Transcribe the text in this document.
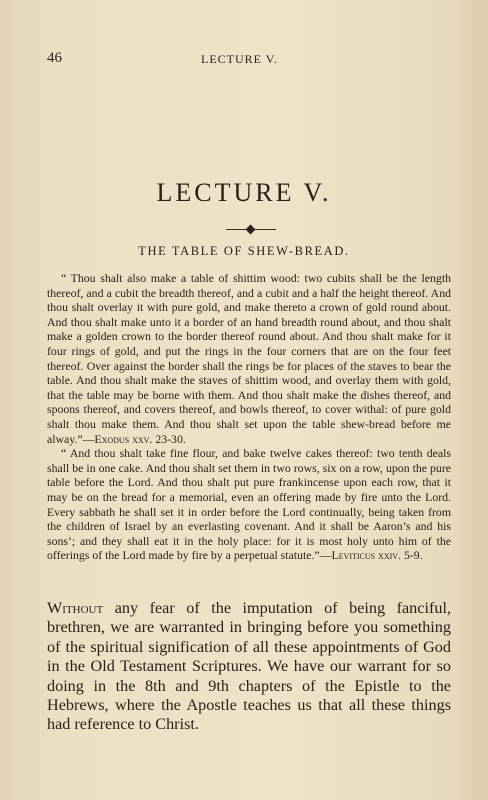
46	LECTURE V.
LECTURE V.
THE TABLE OF SHEW-BREAD.

“ Thou shalt also make a table of shittim wood: two cubits shall be the length thereof, and a cubit the breadth thereof, and a cubit and a half the height thereof. And thou shalt overlay it with pure gold, and make thereto a crown of gold round about. And thou shalt make unto it a border of an hand breadth round about, and thou shalt make a golden crown to the border thereof round about. And thou shalt make for it four rings of gold, and put the rings in the four corners that are on the four feet thereof. Over against the border shall the rings be for places of the staves to bear the table. And thou shalt make the staves of shittim wood, and overlay them with gold, that the table may be borne with them. And thou shalt make the dishes thereof, and spoons thereof, and covers thereof, and bowls thereof, to cover withal: of pure gold shalt thou make them. And thou shalt set upon the table shew-bread before me alway.”—Exodus xxv. 23-30.

“ And thou shalt take fine flour, and bake twelve cakes thereof: two tenth deals shall be in one cake. And thou shalt set them in two rows, six on a row, upon the pure table before the Lord. And thou shalt put pure frankincense upon each row, that it may be on the bread for a memorial, even an offering made by fire unto the Lord. Every sabbath he shall set it in order before the Lord continually, being taken from the children of Israel by an everlasting covenant. And it shall be Aaron’s and his sons’; and they shall eat it in the holy place: for it is most holy unto him of the offerings of the Lord made by fire by a perpetual statute.”—Leviticus xxiv. 5-9.

Without any fear of the imputation of being fanciful, brethren, we are warranted in bringing before you something of the spiritual signification of all these appointments of God in the Old Testament Scriptures. We have our warrant for so doing in the 8th and 9th chapters of the Epistle to the Hebrews, where the Apostle teaches us that all these things had reference to Christ.
